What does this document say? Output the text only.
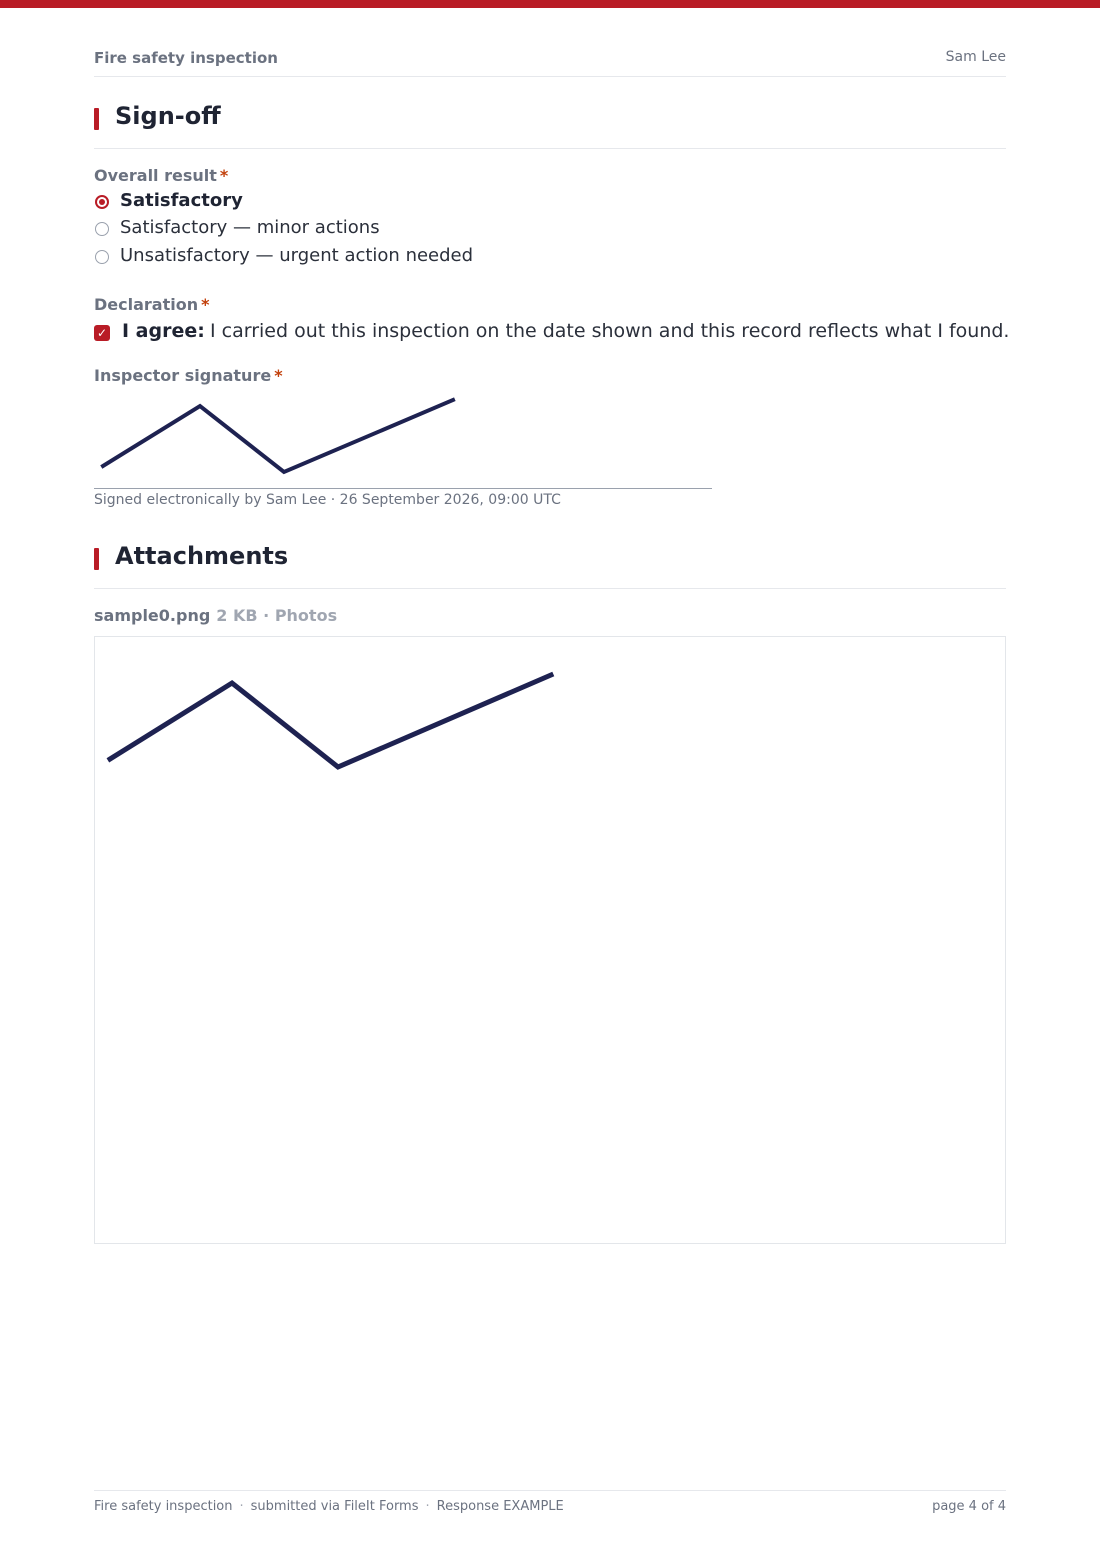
Fire safety inspection	Sam Lee
Sign-off
Overall result *
Satisfactory
Satisfactory — minor actions
Unsatisfactory — urgent action needed
Declaration *
✓ I agree: I carried out this inspection on the date shown and this record reflects what I found.
Inspector signature *
Signed electronically by Sam Lee · 26 September 2026, 09:00 UTC
Attachments
sample0.png 2 KB · Photos
Fire safety inspection · submitted via FileIt Forms · Response EXAMPLE	page 4 of 4
